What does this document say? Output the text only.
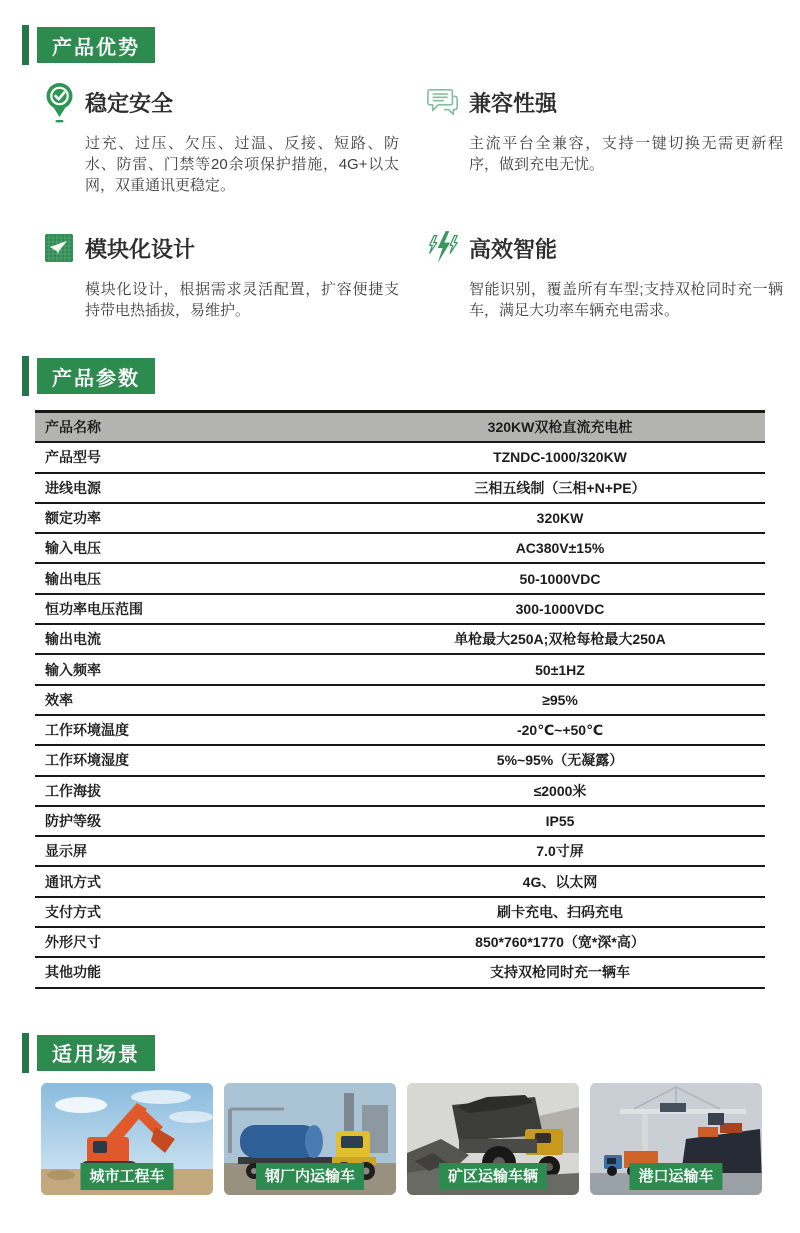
产品优势
稳定安全

过充、过压、欠压、过温、反接、短路、防水、防雷、门禁等20余项保护措施，4G+以太网，双重通讯更稳定。

兼容性强

主流平台全兼容，支持一键切换无需更新程序，做到充电无忧。

模块化设计

模块化设计，根据需求灵活配置，扩容便捷支持带电热插拔，易维护。

高效智能

智能识别，覆盖所有车型;支持双枪同时充一辆车，满足大功率车辆充电需求。

产品参数
产品名称	320KW双枪直流充电桩
产品型号	TZNDC-1000/320KW
进线电源	三相五线制（三相+N+PE）
额定功率	320KW
输入电压	AC380V±15%
输出电压	50-1000VDC
恒功率电压范围	300-1000VDC
输出电流	单枪最大250A;双枪每枪最大250A
输入频率	50±1HZ
效率	≥95%
工作环境温度	-20℃~+50℃
工作环境湿度	5%~95%（无凝露）
工作海拔	≤2000米
防护等级	IP55
显示屏	7.0寸屏
通讯方式	4G、以太网
支付方式	刷卡充电、扫码充电
外形尺寸	850*760*1770（宽*深*高）
其他功能	支持双枪同时充一辆车
适用场景
城市工程车	钢厂内运输车	矿区运输车辆	港口运输车
